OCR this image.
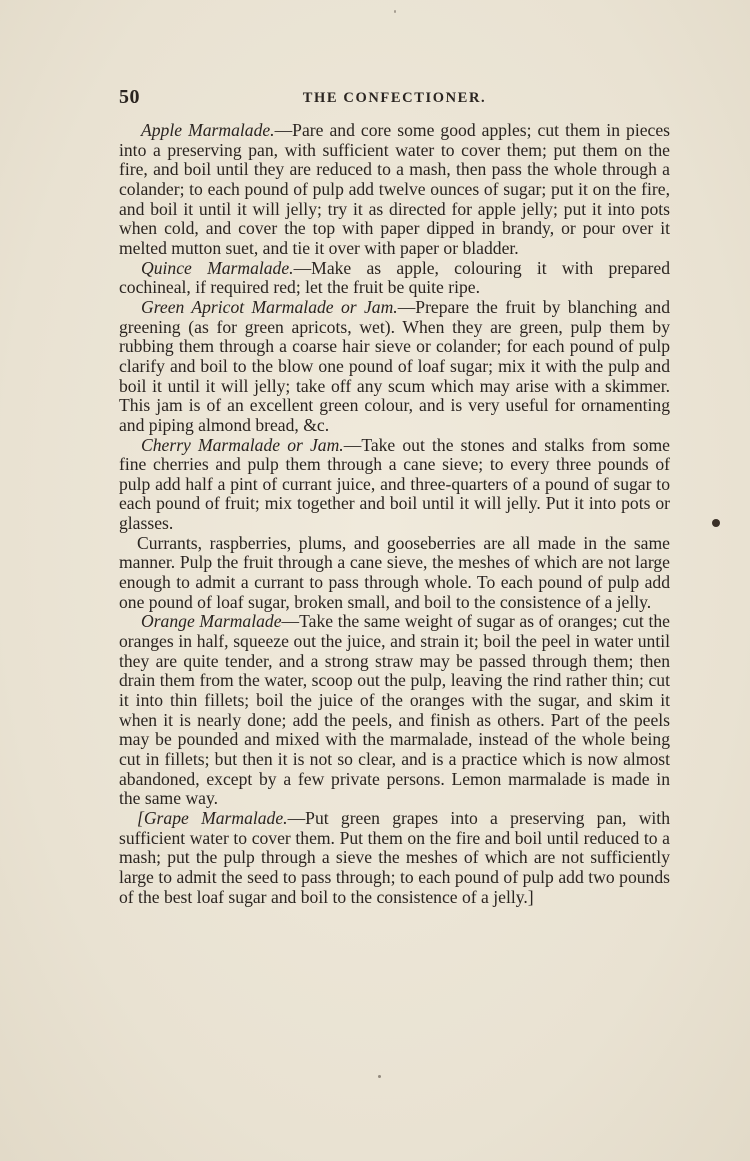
50	THE CONFECTIONER.

Apple Marmalade.—Pare and core some good apples; cut them in pieces into a preserving pan, with sufficient water to cover them; put them on the fire, and boil until they are reduced to a mash, then pass the whole through a colander; to each pound of pulp add twelve ounces of sugar; put it on the fire, and boil it until it will jelly; try it as directed for apple jelly; put it into pots when cold, and cover the top with paper dipped in brandy, or pour over it melted mutton suet, and tie it over with paper or bladder.

Quince Marmalade.—Make as apple, colouring it with prepared cochineal, if required red; let the fruit be quite ripe.

Green Apricot Marmalade or Jam.—Prepare the fruit by blanching and greening (as for green apricots, wet). When they are green, pulp them by rubbing them through a coarse hair sieve or colander; for each pound of pulp clarify and boil to the blow one pound of loaf sugar; mix it with the pulp and boil it until it will jelly; take off any scum which may arise with a skimmer. This jam is of an excellent green colour, and is very useful for ornamenting and piping almond bread, &c.

Cherry Marmalade or Jam.—Take out the stones and stalks from some fine cherries and pulp them through a cane sieve; to every three pounds of pulp add half a pint of currant juice, and three-quarters of a pound of sugar to each pound of fruit; mix together and boil until it will jelly. Put it into pots or glasses.

Currants, raspberries, plums, and gooseberries are all made in the same manner. Pulp the fruit through a cane sieve, the meshes of which are not large enough to admit a currant to pass through whole. To each pound of pulp add one pound of loaf sugar, broken small, and boil to the consistence of a jelly.

Orange Marmalade—Take the same weight of sugar as of oranges; cut the oranges in half, squeeze out the juice, and strain it; boil the peel in water until they are quite tender, and a strong straw may be passed through them; then drain them from the water, scoop out the pulp, leaving the rind rather thin; cut it into thin fillets; boil the juice of the oranges with the sugar, and skim it when it is nearly done; add the peels, and finish as others. Part of the peels may be pounded and mixed with the marmalade, instead of the whole being cut in fillets; but then it is not so clear, and is a practice which is now almost abandoned, except by a few private persons. Lemon marmalade is made in the same way.

[Grape Marmalade.—Put green grapes into a preserving pan, with sufficient water to cover them. Put them on the fire and boil until reduced to a mash; put the pulp through a sieve the meshes of which are not sufficiently large to admit the seed to pass through; to each pound of pulp add two pounds of the best loaf sugar and boil to the consistence of a jelly.]
